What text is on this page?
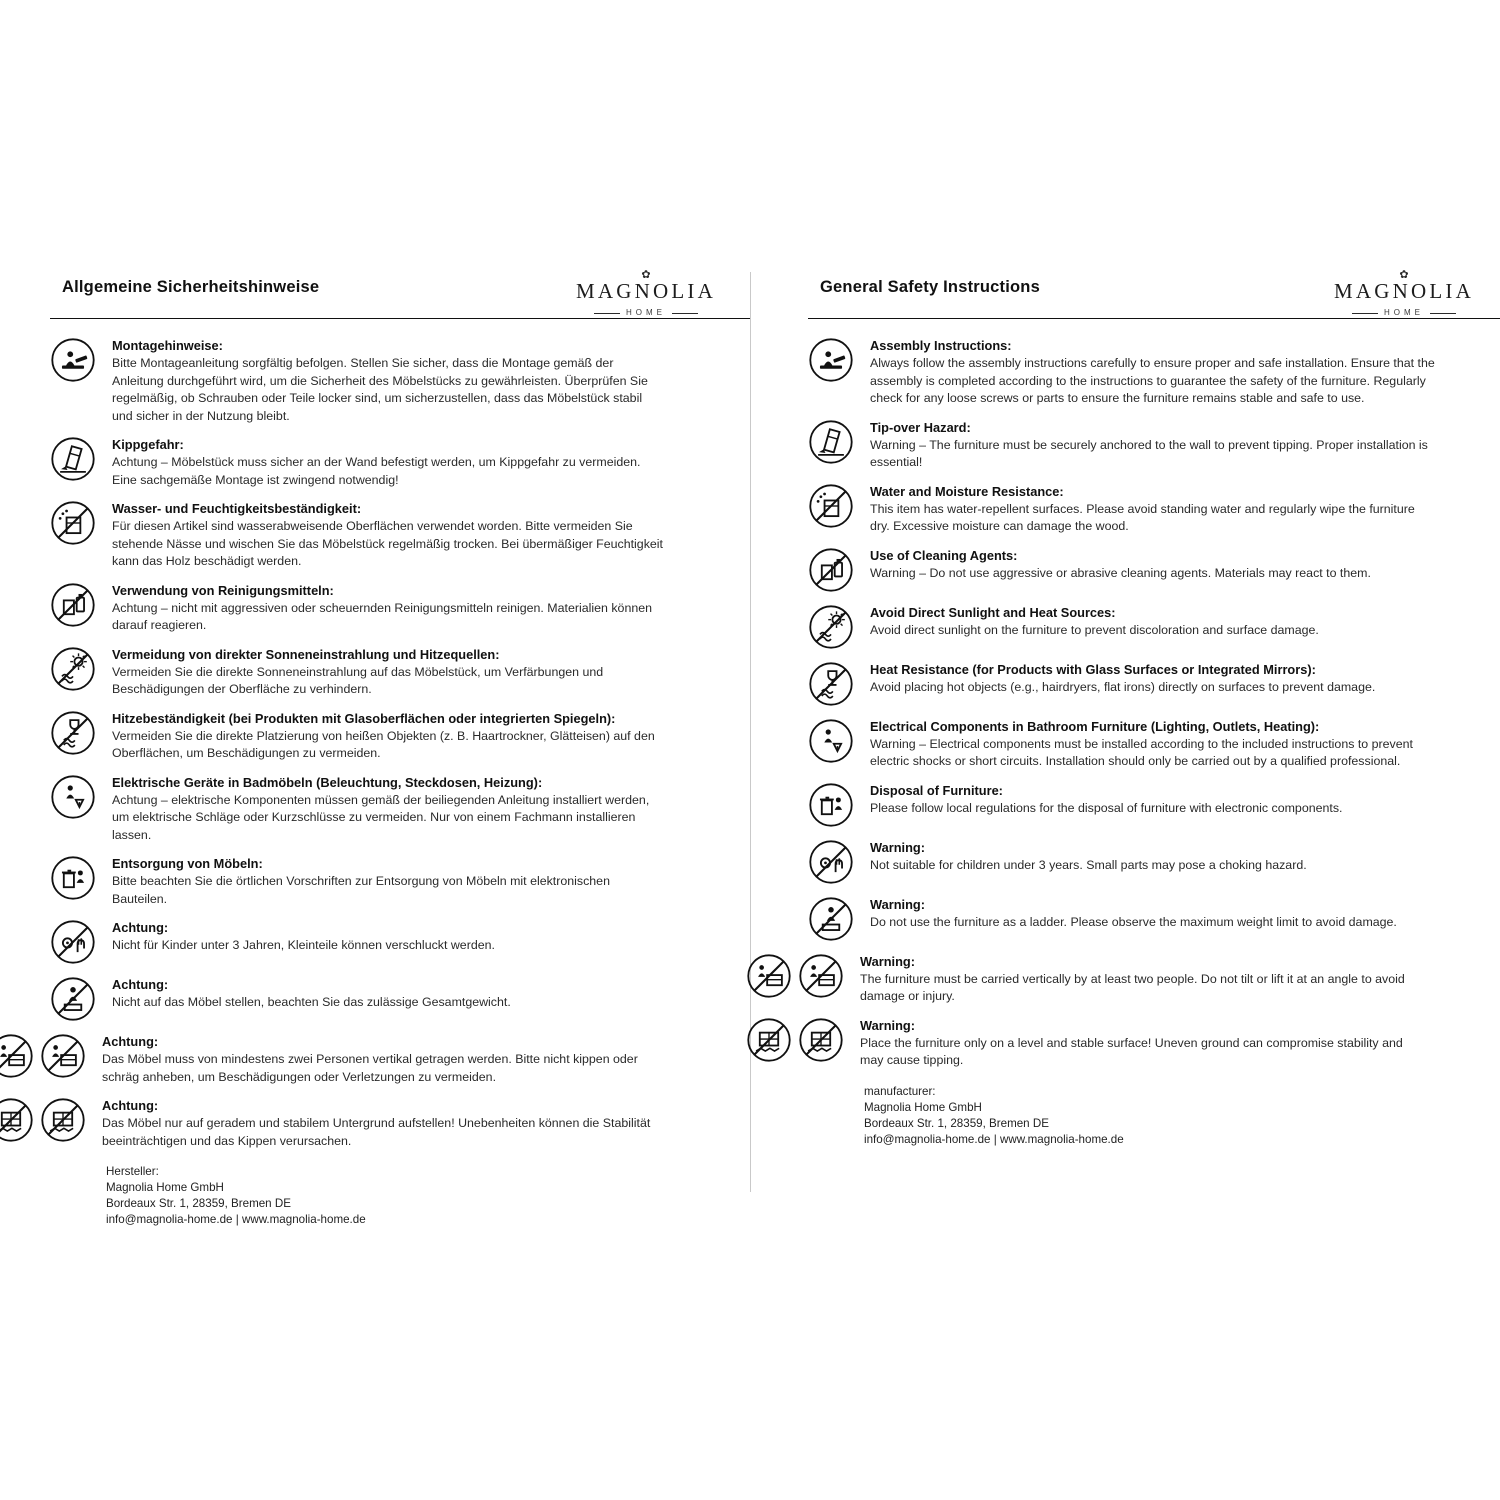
Allgemeine Sicherheitshinweise
✿
MAGNOLIA
HOME
Montagehinweise:
Bitte Montageanleitung sorgfältig befolgen. Stellen Sie sicher, dass die Montage gemäß der Anleitung durchgeführt wird, um die Sicherheit des Möbelstücks zu gewährleisten. Überprüfen Sie regelmäßig, ob Schrauben oder Teile locker sind, um sicherzustellen, dass das Möbelstück stabil und sicher in der Nutzung bleibt.
Kippgefahr:
Achtung – Möbelstück muss sicher an der Wand befestigt werden, um Kippgefahr zu vermeiden. Eine sachgemäße Montage ist zwingend notwendig!
Wasser- und Feuchtigkeitsbeständigkeit:
Für diesen Artikel sind wasserabweisende Oberflächen verwendet worden. Bitte vermeiden Sie stehende Nässe und wischen Sie das Möbelstück regelmäßig trocken. Bei übermäßiger Feuchtigkeit kann das Holz beschädigt werden.
Verwendung von Reinigungsmitteln:
Achtung – nicht mit aggressiven oder scheuernden Reinigungsmitteln reinigen. Materialien können darauf reagieren.
Vermeidung von direkter Sonneneinstrahlung und Hitzequellen:
Vermeiden Sie die direkte Sonneneinstrahlung auf das Möbelstück, um Verfärbungen und Beschädigungen der Oberfläche zu verhindern.
Hitzebeständigkeit (bei Produkten mit Glasoberflächen oder integrierten Spiegeln):
Vermeiden Sie die direkte Platzierung von heißen Objekten (z. B. Haartrockner, Glätteisen) auf den Oberflächen, um Beschädigungen zu vermeiden.
Elektrische Geräte in Badmöbeln (Beleuchtung, Steckdosen, Heizung):
Achtung – elektrische Komponenten müssen gemäß der beiliegenden Anleitung installiert werden, um elektrische Schläge oder Kurzschlüsse zu vermeiden. Nur von einem Fachmann installieren lassen.
Entsorgung von Möbeln:
Bitte beachten Sie die örtlichen Vorschriften zur Entsorgung von Möbeln mit elektronischen Bauteilen.
Achtung:
Nicht für Kinder unter 3 Jahren, Kleinteile können verschluckt werden.
Achtung:
Nicht auf das Möbel stellen, beachten Sie das zulässige Gesamtgewicht.
Achtung:
Das Möbel muss von mindestens zwei Personen vertikal getragen werden. Bitte nicht kippen oder schräg anheben, um Beschädigungen oder Verletzungen zu vermeiden.
Achtung:
Das Möbel nur auf geradem und stabilem Untergrund aufstellen! Unebenheiten können die Stabilität beeinträchtigen und das Kippen verursachen.
Hersteller:
Magnolia Home GmbH
Bordeaux Str. 1, 28359, Bremen DE
info@magnolia-home.de | www.magnolia-home.de
General Safety Instructions
✿
MAGNOLIA
HOME
Assembly Instructions:
Always follow the assembly instructions carefully to ensure proper and safe installation. Ensure that the assembly is completed according to the instructions to guarantee the safety of the furniture. Regularly check for any loose screws or parts to ensure the furniture remains stable and safe to use.
Tip-over Hazard:
Warning – The furniture must be securely anchored to the wall to prevent tipping. Proper installation is essential!
Water and Moisture Resistance:
This item has water-repellent surfaces. Please avoid standing water and regularly wipe the furniture dry. Excessive moisture can damage the wood.
Use of Cleaning Agents:
Warning – Do not use aggressive or abrasive cleaning agents. Materials may react to them.
Avoid Direct Sunlight and Heat Sources:
Avoid direct sunlight on the furniture to prevent discoloration and surface damage.
Heat Resistance (for Products with Glass Surfaces or Integrated Mirrors):
Avoid placing hot objects (e.g., hairdryers, flat irons) directly on surfaces to prevent damage.
Electrical Components in Bathroom Furniture (Lighting, Outlets, Heating):
Warning – Electrical components must be installed according to the included instructions to prevent electric shocks or short circuits. Installation should only be carried out by a qualified professional.
Disposal of Furniture:
Please follow local regulations for the disposal of furniture with electronic components.
Warning:
Not suitable for children under 3 years. Small parts may pose a choking hazard.
Warning:
Do not use the furniture as a ladder. Please observe the maximum weight limit to avoid damage.
Warning:
The furniture must be carried vertically by at least two people. Do not tilt or lift it at an angle to avoid damage or injury.
Warning:
Place the furniture only on a level and stable surface! Uneven ground can compromise stability and may cause tipping.
manufacturer:
Magnolia Home GmbH
Bordeaux Str. 1, 28359, Bremen DE
info@magnolia-home.de | www.magnolia-home.de
